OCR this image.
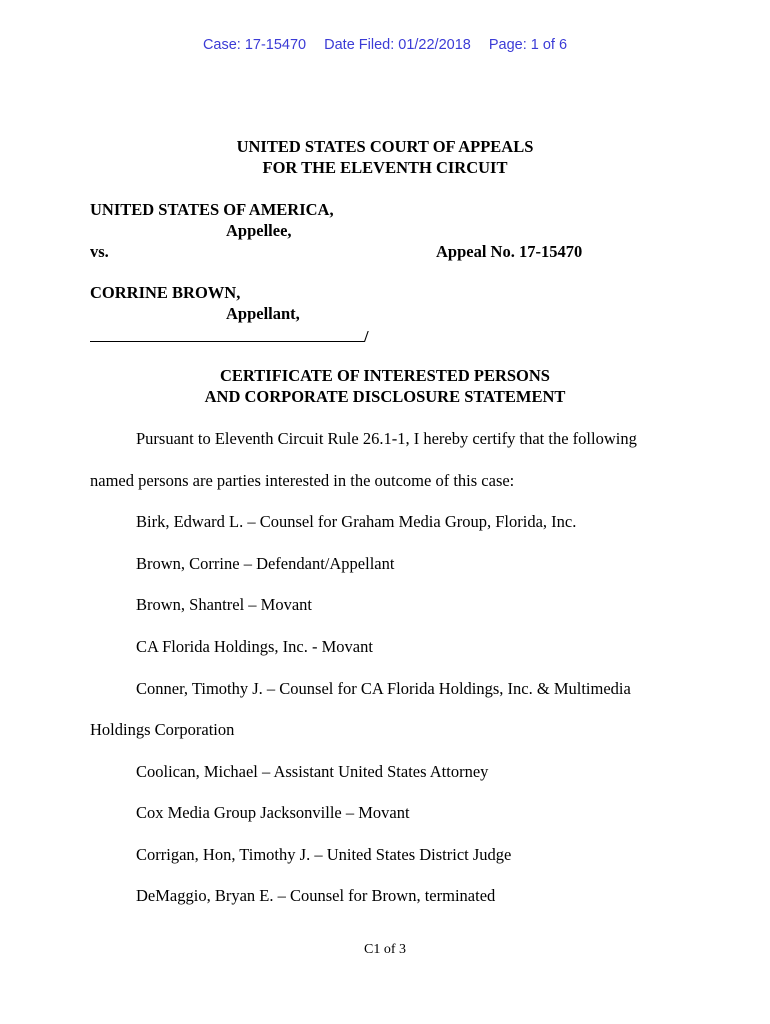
Case: 17-15470 Date Filed: 01/22/2018 Page: 1 of 6
UNITED STATES COURT OF APPEALS
FOR THE ELEVENTH CIRCUIT
UNITED STATES OF AMERICA,
Appellee,
vs.	Appeal No. 17-15470
CORRINE BROWN,
Appellant,
/
CERTIFICATE OF INTERESTED PERSONS
AND CORPORATE DISCLOSURE STATEMENT
Pursuant to Eleventh Circuit Rule 26.1-1, I hereby certify that the following
named persons are parties interested in the outcome of this case:
Birk, Edward L. – Counsel for Graham Media Group, Florida, Inc.
Brown, Corrine – Defendant/Appellant
Brown, Shantrel – Movant
CA Florida Holdings, Inc. - Movant
Conner, Timothy J. – Counsel for CA Florida Holdings, Inc. & Multimedia
Holdings Corporation
Coolican, Michael – Assistant United States Attorney
Cox Media Group Jacksonville – Movant
Corrigan, Hon, Timothy J. – United States District Judge
DeMaggio, Bryan E. – Counsel for Brown, terminated
C1 of 3
